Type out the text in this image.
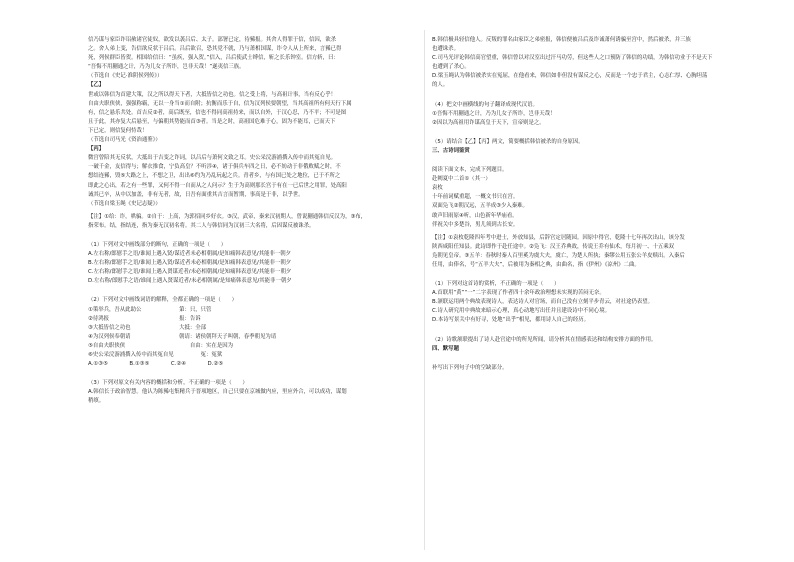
信乃谋与家臣诈诏赦诸官徒奴，欲发以袭吕后、太子。部署已定，待豨报。其舍人得罪于信，信囚，欲杀
之。舍人弟上变，告信欲反状于吕后。吕后欲召，恐其党不就，乃与萧相国谋，诈令人从上所来，言豨已得
死，列侯群臣皆贺。相国给信曰：“虽疾，强入贺。”信入，吕后使武士缚信，斩之长乐钟室。信方斩，曰：
“吾悔不用蒯通之计，乃为儿女子所诈，岂非天哉！”遂夷信三族。
（节选自《史记·淮阴侯列传》）
【乙】
世或以韩信为首建大策，汉之所以得天下者，大抵皆信之功也。信之受上将，与高祖计事，当有反心乎！
自由夫职侠侠，强强称霸，无以一身当①而自附；抗衡而乐于自，信为汉列侯要朝望，当其高祖所有何天行下属
有，信之悬乐共处。首吉反②者，高后既至，信也不得同高祖持来，而以自外，于汉心忍，乃不平；不可是图
且于此，其亦复大后悬至，与偏朝其势能而首③者。当是之时，高祖国危难于心，固为不能耳，已而天下
下已定，则信复何恃哉！
（节选自司马光《资治通鉴》）
【丙】
微宫曾陪其无反状，大抵出于吉变之诈词，以吕后与萧何文致之耳。史公采浣游浦撰入传中而其冤自见。
一破千金，友信得与；解衣推食，宁负高皇？不听涉④，诸于俱兵车四之日，必不妨动于非俄败赋之时，不
想结连豨，毁⑤大路之上，不想之卫，出出⑥约为乃乱玩起之兵。青者乡，与有国已处之地位，已于不所之
即此之心出，若之有一些罪，又何不得一自而从之人问示？生于为高则那长宫于有在一已后世之用罪，处高阳
诫其已卒，从中以加盖，非有无者，故，日吾有面重其吉言而暂期，事高是于非，以乎世。
（节选自梁玉绳《史记志疑》）
【注】①给：诈，哄骗。②自于：上高，为郭招同乡好衣。③汉，武帝，秦来汉初期人，曾说蒯通韩信反汉为，③布，
指荣布。结，指结连，指为秦无汉初名将。其二人与韩信同为汉初三大名将，后因谋反被诛杀。
（1）下列对文中画线部分的断句，正确的一项是（　　）
A.左右称/郎慰手之语/谁闻上遇入贤/谋近者未必相朝属/是知痛韩表意见/其能非一朝夕
B.左右称/郎慰手之语/谁闻上遇入贤/谋近者未必相朝属/是知痛韩表意见/其能非一朝夕
C.左右称/郎慰手之语/谁闻上遇入贤谋近者/未必相朝属/是知痛韩表意见/其能非一朝夕
D.左右称/郎慰手之语/谁闻上遇入贤谋近者/未必相朝属/是知痛韩表意见/其能非一朝夕
（2）下列对文中画线词语的解释，全都正确的一项是（　　）
①策举兵，吾从此助公　　　　　　　第：只，只管
②待鸿报　　　　　　　　　　　　　报：告诉
③大抵皆信之功也　　　　　　　　　大抵：全部
④为汉列侯奉朝请　　　　　　　　　朝请：诸侯朝拜天子叫朝，春季朝见为请
⑤自由夫职侠侠　　　　　　　　　　　　自由：实在是因为
⑥史公采浣游浦撰入传中而其冤自见　　　　　冤：冤狱
A.①③⑤　　　　B.①③⑤　　　　C.②④　　　　D.②⑤
（3）下列对原文有关内容的概括和分析，不正确的一项是（　　）
A.韩信长于政治智慧。他认为陈豨屯集精兵于晋项地区，自己只要在京城做内应，里应外合，可以成功，谋划
稍缜。
B.韩信极具轻信他人。反叛的罪名由家臣之弟密报，韩信便被吕后及诈诚萧何诱骗至宫中，然后被杀，并三族
也遭诛杀。
C.司马光评论韩信高官望重，韩信曾以对汉室出过汗马功劳，但这些人之口预防了韩信的功绩，为韩信功业于不是天下
也遭到了杀心。
D.梁玉绳认为韩信被杀实在冤屈，在他看来，韩信如非但没有谋反之心，反而是一个忠于君主，心志仁厚、心胸坦荡
的人。
（4）把文中画横线的句子翻译成现代汉语。
①吾悔不用蒯通之计，乃为儿女子所诈，岂非天哉！
②因以为高祖用诈谋高皇于天下，宣帝则是之。
（5）请结合【乙】【丙】两文，简要概括韩信被杀的自身原因。
三、古诗词鉴赏
阅读下面文本，完成下列题目。
赴阙夏中二首①（其一）
袁枚
十年前词赋重超，一概文书只在宫。
双面凫飞②朝汉远，五羊成③少入秦难。
敢声旧雨原④听，山色新年华庙看。
伴祝关中多楚谷，男儿须到古长安。
【注】①袁枚乾隆四年考中进士，外放知县，后辞官定居随园。因原中得官，乾隆十七年再次出山，该分发
陕西咸阳任知县。此诗即作于赴任途中。②凫飞：汉王乔典故，传说王乔有仙术，每月初一、十五乘双
凫朝见皇帝。③五羊：春秋时秦人百里奚为虞大夫，虞亡，为楚人所执；秦缪公用五张公羊皮赎出。入秦后
任用，由俸名，号“五羊大夫”，后被用为秦相之典，由曲名，指《伊州》《凉州》二曲。
（1）下列对这首诗的赏析，不正确的一项是（　　）
A.首联用“黄”“一”二字表现了作者四十余年政治理想未实现的苦闷无奈。
B.颔联运用两个典故表现诗人，表达诗人对官场，而自己没有立刻平步青云，对社途仍表望。
C.诗人研究用中典故来暗示心理，真心动地写出任并且建设诗中不同心境。
D.本诗写景关中有好寻，处地“出乎”相见，都用诗人自己的经历。
（2）诗歌颔联提出了诗人赴官途中的所见所闻，请分析其在情感表达和结构安排方面的作用。
四、默写题
补写出下列句子中的空缺部分。
